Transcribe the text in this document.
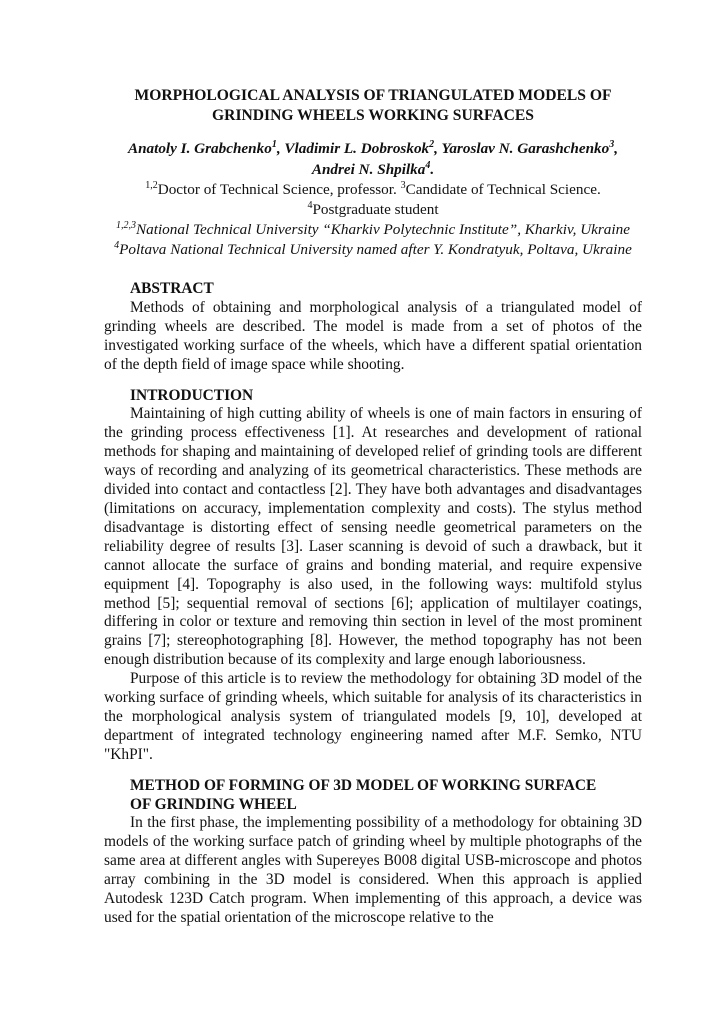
MORPHOLOGICAL ANALYSIS OF TRIANGULATED MODELS OF
GRINDING WHEELS WORKING SURFACES

Anatoly I. Grabchenko$^1$, Vladimir L. Dobroskok$^2$, Yaroslav N. Garashchenko$^3$,
Andrei N. Shpilka$^4$.

$^{1,2}$Doctor of Technical Science, professor. $^3$Candidate of Technical Science.

$^4$Postgraduate student

$^{1,2,3}$National Technical University “Kharkiv Polytechnic Institute”, Kharkiv, Ukraine

$^4$Poltava National Technical University named after Y. Kondratyuk, Poltava, Ukraine

ABSTRACT

Methods of obtaining and morphological analysis of a triangulated model of grinding wheels are described. The model is made from a set of photos of the investigated working surface of the wheels, which have a different spatial orientation of the depth field of image space while shooting.

INTRODUCTION

Maintaining of high cutting ability of wheels is one of main factors in ensuring of the grinding process effectiveness [1]. At researches and development of rational methods for shaping and maintaining of developed relief of grinding tools are different ways of recording and analyzing of its geometrical characteristics. These methods are divided into contact and contactless [2]. They have both advantages and disadvantages (limitations on accuracy, implementation complexity and costs). The stylus method disadvantage is distorting effect of sensing needle geometrical parameters on the reliability degree of results [3]. Laser scanning is devoid of such a drawback, but it cannot allocate the surface of grains and bonding material, and require expensive equipment [4]. Topography is also used, in the following ways: multifold stylus method [5]; sequential removal of sections [6]; application of multilayer coatings, differing in color or texture and removing thin section in level of the most prominent grains [7]; stereophotographing [8]. However, the method topography has not been enough distribution because of its complexity and large enough laboriousness.

Purpose of this article is to review the methodology for obtaining 3D model of the working surface of grinding wheels, which suitable for analysis of its characteristics in the morphological analysis system of triangulated models [9, 10], developed at department of integrated technology engineering named after M.F. Semko, NTU "KhPI".

METHOD OF FORMING OF 3D MODEL OF WORKING SURFACE
OF GRINDING WHEEL

In the first phase, the implementing possibility of a methodology for obtaining 3D models of the working surface patch of grinding wheel by multiple photographs of the same area at different angles with Supereyes B008 digital USB-microscope and photos array combining in the 3D model is considered. When this approach is applied Autodesk 123D Catch program. When implementing of this approach, a device was used for the spatial orientation of the microscope relative to the
